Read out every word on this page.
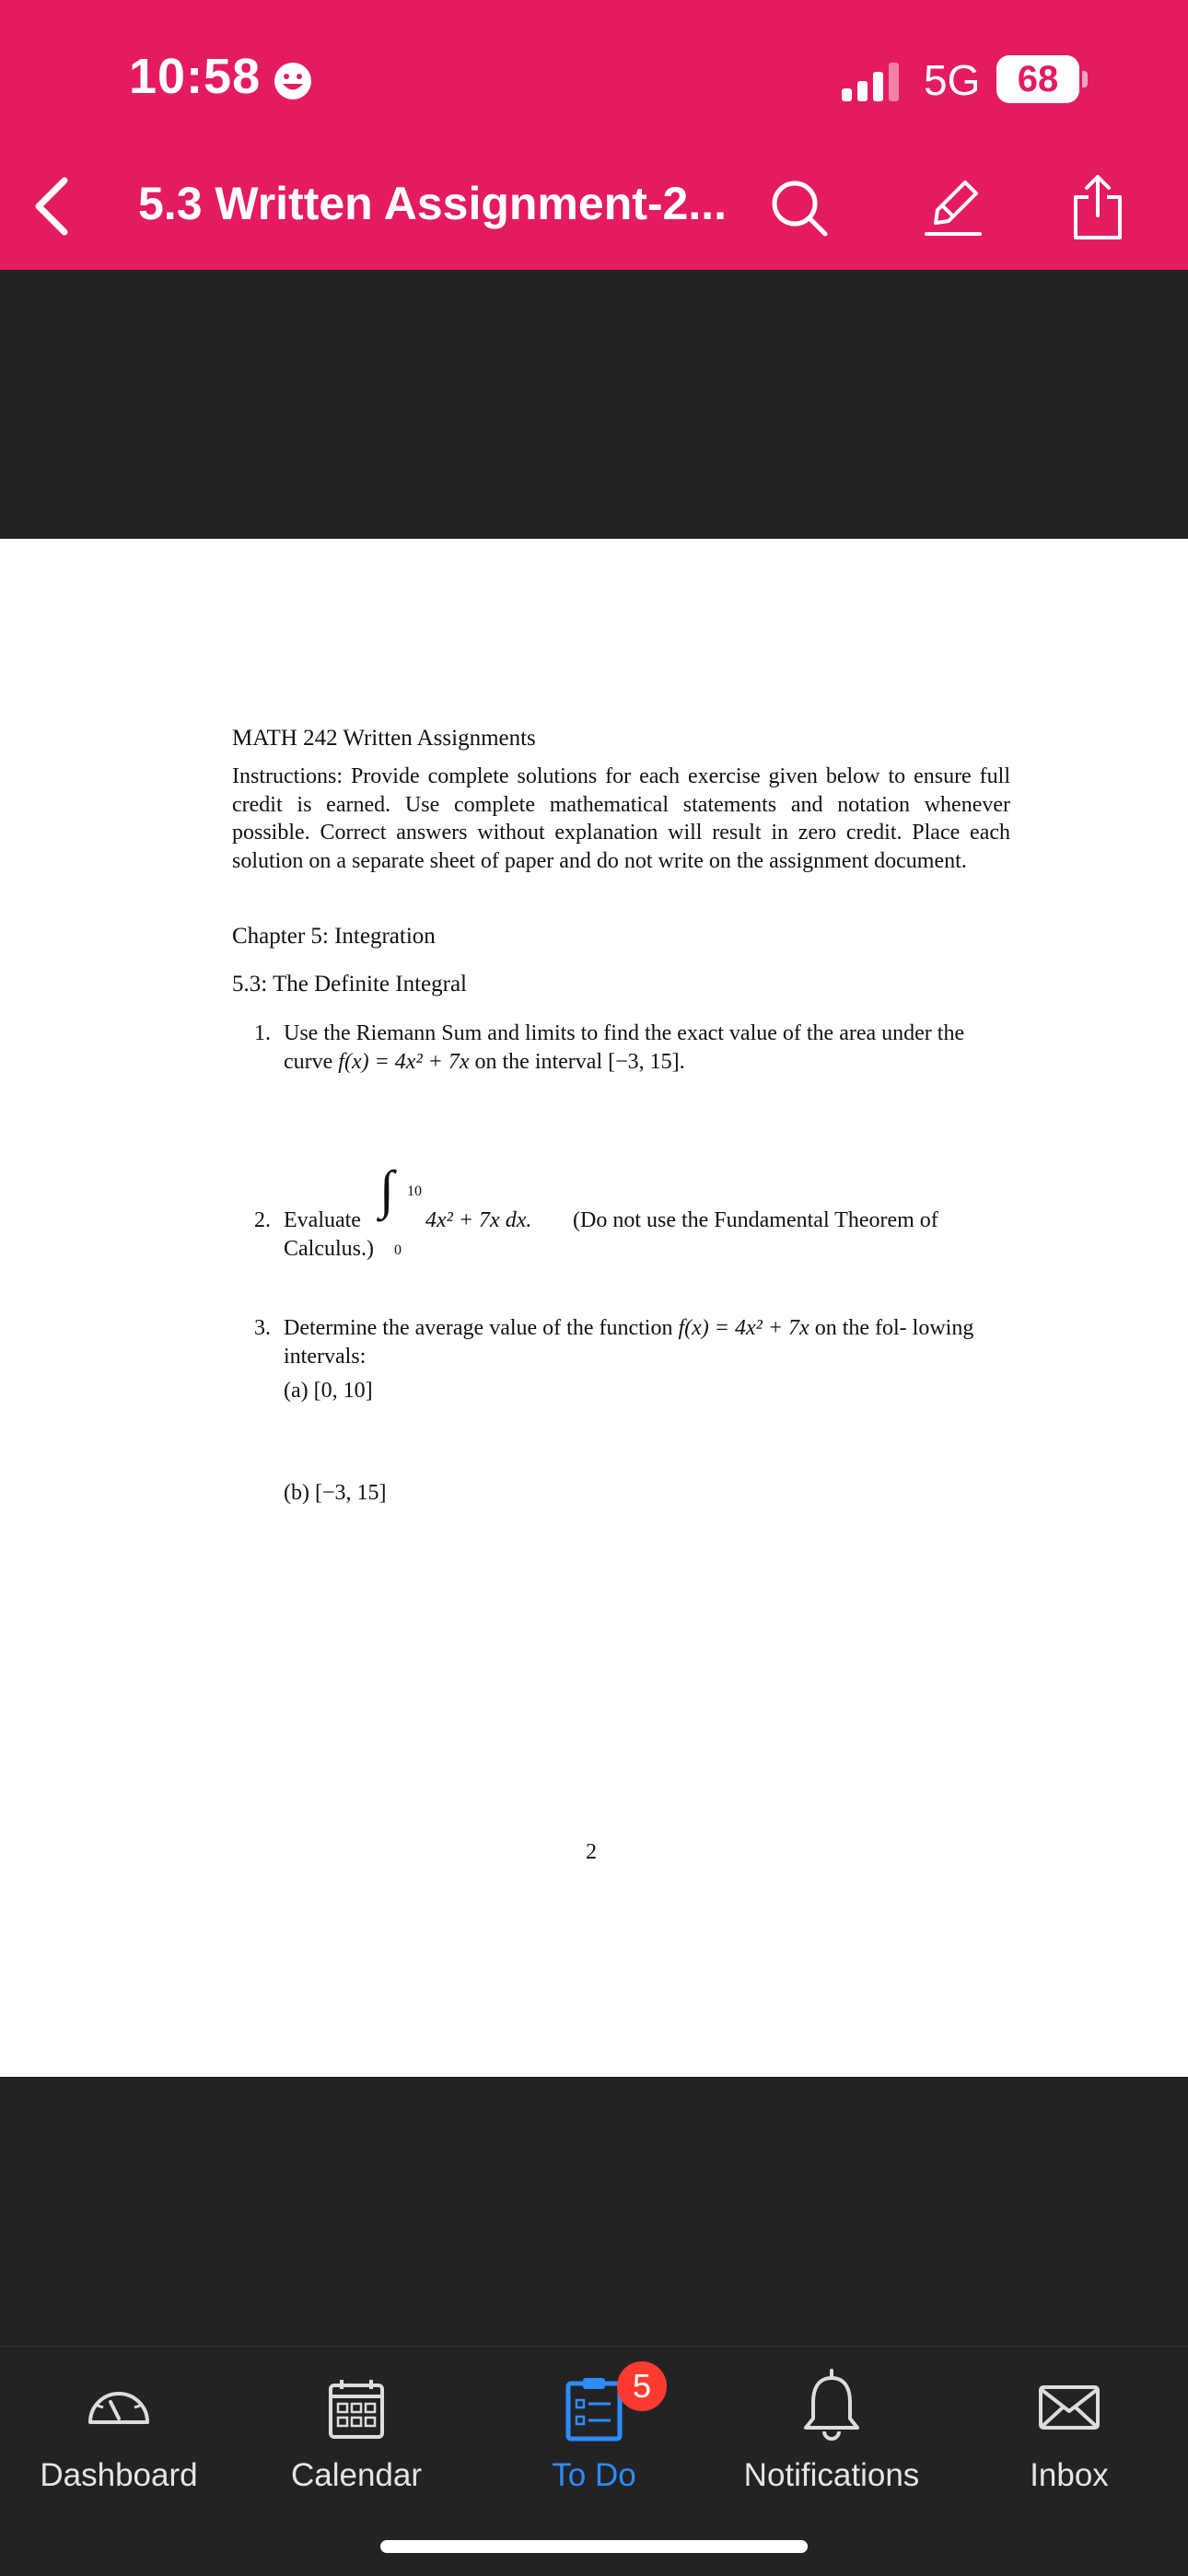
10:58	5G	68
5.3 Written Assignment-2...
MATH 242 Written Assignments
Instructions: Provide complete solutions for each exercise given below to ensure full credit is earned. Use complete mathematical statements and notation whenever possible. Correct answers without explanation will result in zero credit. Place each solution on a separate sheet of paper and do not write on the assignment document.
Chapter 5: Integration
5.3: The Definite Integral
1. Use the Riemann Sum and limits to find the exact value of the area under the curve f(x) = 4x² + 7x on the interval [−3, 15].
2. Evaluate
∫ 10
0
4x² + 7x dx. (Do not use the Fundamental Theorem of
Calculus.)
3. Determine the average value of the function f(x) = 4x² + 7x on the fol- lowing intervals:
(a) [0, 10]
(b) [−3, 15]
2
Dashboard	Calendar	To Do
5
Notifications	Inbox
